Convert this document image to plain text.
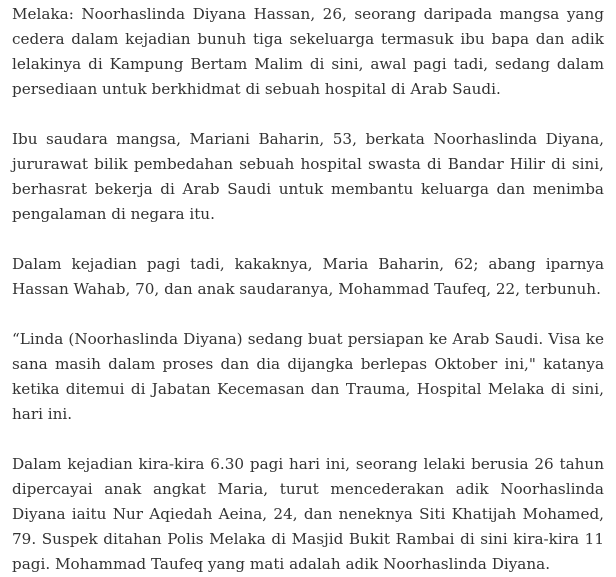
Melaka: Noorhaslinda Diyana Hassan, 26, seorang daripada mangsa yang cedera dalam kejadian bunuh tiga sekeluarga termasuk ibu bapa dan adik lelakinya di Kampung Bertam Malim di sini, awal pagi tadi, sedang dalam persediaan untuk berkhidmat di sebuah hospital di Arab Saudi.

Ibu saudara mangsa, Mariani Baharin, 53, berkata Noorhaslinda Diyana, jururawat bilik pembedahan sebuah hospital swasta di Bandar Hilir di sini, berhasrat bekerja di Arab Saudi untuk membantu keluarga dan menimba pengalaman di negara itu.

Dalam kejadian pagi tadi, kakaknya, Maria Baharin, 62; abang iparnya Hassan Wahab, 70, dan anak saudaranya, Mohammad Taufeq, 22, terbunuh.

“Linda (Noorhaslinda Diyana) sedang buat persiapan ke Arab Saudi. Visa ke sana masih dalam proses dan dia dijangka berlepas Oktober ini," katanya ketika ditemui di Jabatan Kecemasan dan Trauma, Hospital Melaka di sini, hari ini.

Dalam kejadian kira-kira 6.30 pagi hari ini, seorang lelaki berusia 26 tahun dipercayai anak angkat Maria, turut mencederakan adik Noorhaslinda Diyana iaitu Nur Aqiedah Aeina, 24, dan neneknya Siti Khatijah Mohamed, 79. Suspek ditahan Polis Melaka di Masjid Bukit Rambai di sini kira-kira 11 pagi. Mohammad Taufeq yang mati adalah adik Noorhaslinda Diyana.
